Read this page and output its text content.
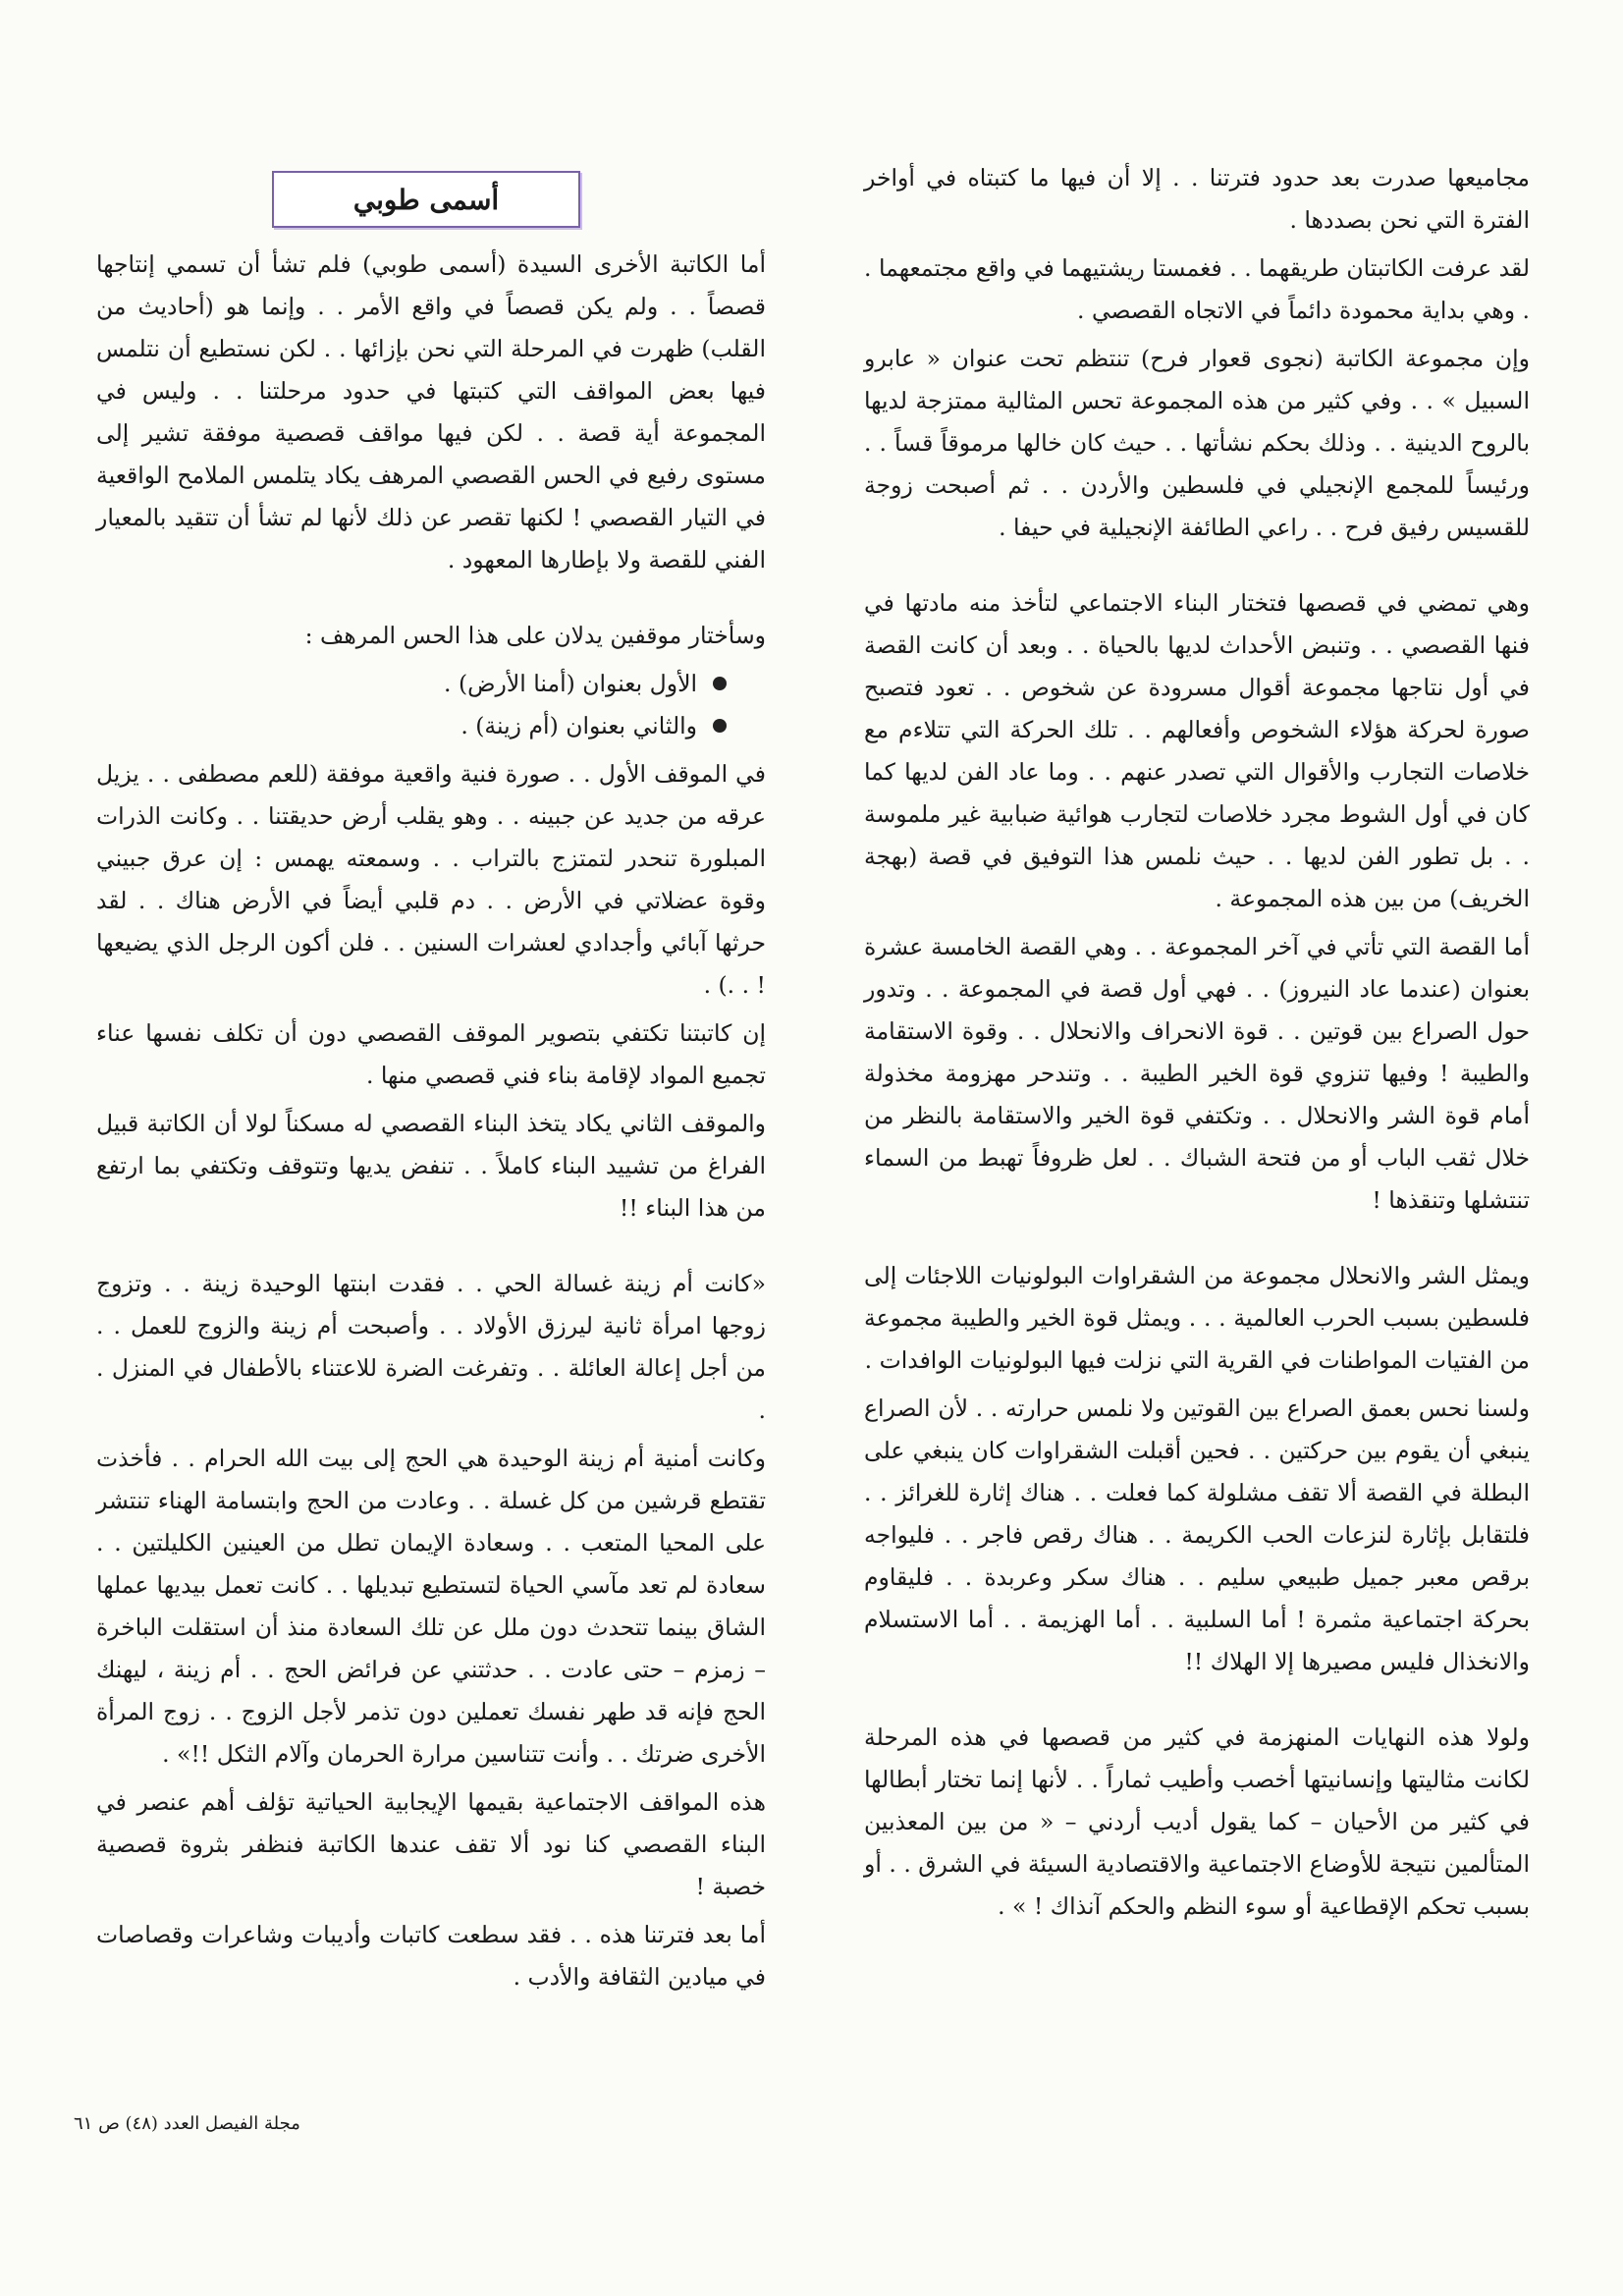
مجاميعها صدرت بعد حدود فترتنا . . إلا أن فيها ما كتبتاه في أواخر الفترة التي نحن بصددها .

لقد عرفت الكاتبتان طريقهما . . فغمستا ريشتيهما في واقع مجتمعهما . . وهي بداية محمودة دائماً في الاتجاه القصصي .

وإن مجموعة الكاتبة (نجوى قعوار فرح) تنتظم تحت عنوان « عابرو السبيل » . . وفي كثير من هذه المجموعة تحس المثالية ممتزجة لديها بالروح الدينية . . وذلك بحكم نشأتها . . حيث كان خالها مرموقاً قساً . . ورئيساً للمجمع الإنجيلي في فلسطين والأردن . . ثم أصبحت زوجة للقسيس رفيق فرح . . راعي الطائفة الإنجيلية في حيفا .

وهي تمضي في قصصها فتختار البناء الاجتماعي لتأخذ منه مادتها في فنها القصصي . . وتنبض الأحداث لديها بالحياة . . وبعد أن كانت القصة في أول نتاجها مجموعة أقوال مسرودة عن شخوص . . تعود فتصبح صورة لحركة هؤلاء الشخوص وأفعالهم . . تلك الحركة التي تتلاءم مع خلاصات التجارب والأقوال التي تصدر عنهم . . وما عاد الفن لديها كما كان في أول الشوط مجرد خلاصات لتجارب هوائية ضبابية غير ملموسة . . بل تطور الفن لديها . . حيث نلمس هذا التوفيق في قصة (بهجة الخريف) من بين هذه المجموعة .

أما القصة التي تأتي في آخر المجموعة . . وهي القصة الخامسة عشرة بعنوان (عندما عاد النيروز) . . فهي أول قصة في المجموعة . . وتدور حول الصراع بين قوتين . . قوة الانحراف والانحلال . . وقوة الاستقامة والطيبة ! وفيها تنزوي قوة الخير الطيبة . . وتندحر مهزومة مخذولة أمام قوة الشر والانحلال . . وتكتفي قوة الخير والاستقامة بالنظر من خلال ثقب الباب أو من فتحة الشباك . . لعل ظروفاً تهبط من السماء تنتشلها وتنقذها !

ويمثل الشر والانحلال مجموعة من الشقراوات البولونيات اللاجئات إلى فلسطين بسبب الحرب العالمية . . . ويمثل قوة الخير والطيبة مجموعة من الفتيات المواطنات في القرية التي نزلت فيها البولونيات الوافدات .

ولسنا نحس بعمق الصراع بين القوتين ولا نلمس حرارته . . لأن الصراع ينبغي أن يقوم بين حركتين . . فحين أقبلت الشقراوات كان ينبغي على البطلة في القصة ألا تقف مشلولة كما فعلت . . هناك إثارة للغرائز . . فلتقابل بإثارة لنزعات الحب الكريمة . . هناك رقص فاجر . . فليواجه برقص معبر جميل طبيعي سليم . . هناك سكر وعربدة . . فليقاوم بحركة اجتماعية مثمرة ! أما السلبية . . أما الهزيمة . . أما الاستسلام والانخذال فليس مصيرها إلا الهلاك !!

ولولا هذه النهايات المنهزمة في كثير من قصصها في هذه المرحلة لكانت مثاليتها وإنسانيتها أخصب وأطيب ثماراً . . لأنها إنما تختار أبطالها في كثير من الأحيان – كما يقول أديب أردني – « من بين المعذبين المتألمين نتيجة للأوضاع الاجتماعية والاقتصادية السيئة في الشرق . . أو بسبب تحكم الإقطاعية أو سوء النظم والحكم آنذاك ! » .

أسمى طوبي

أما الكاتبة الأخرى السيدة (أسمى طوبي) فلم تشأ أن تسمي إنتاجها قصصاً . . ولم يكن قصصاً في واقع الأمر . . وإنما هو (أحاديث من القلب) ظهرت في المرحلة التي نحن بإزائها . . لكن نستطيع أن نتلمس فيها بعض المواقف التي كتبتها في حدود مرحلتنا . . وليس في المجموعة أية قصة . . لكن فيها مواقف قصصية موفقة تشير إلى مستوى رفيع في الحس القصصي المرهف يكاد يتلمس الملامح الواقعية في التيار القصصي ! لكنها تقصر عن ذلك لأنها لم تشأ أن تتقيد بالمعيار الفني للقصة ولا بإطارها المعهود .

وسأختار موقفين يدلان على هذا الحس المرهف :

الأول بعنوان (أمنا الأرض) .
والثاني بعنوان (أم زينة) .

في الموقف الأول . . صورة فنية واقعية موفقة (للعم مصطفى . . يزيل عرقه من جديد عن جبينه . . وهو يقلب أرض حديقتنا . . وكانت الذرات المبلورة تنحدر لتمتزج بالتراب . . وسمعته يهمس : إن عرق جبيني وقوة عضلاتي في الأرض . . دم قلبي أيضاً في الأرض هناك . . لقد حرثها آبائي وأجدادي لعشرات السنين . . فلن أكون الرجل الذي يضيعها ! . .) .

إن كاتبتنا تكتفي بتصوير الموقف القصصي دون أن تكلف نفسها عناء تجميع المواد لإقامة بناء فني قصصي منها .

والموقف الثاني يكاد يتخذ البناء القصصي له مسكناً لولا أن الكاتبة قبيل الفراغ من تشييد البناء كاملاً . . تنفض يديها وتتوقف وتكتفي بما ارتفع من هذا البناء !!

«كانت أم زينة غسالة الحي . . فقدت ابنتها الوحيدة زينة . . وتزوج زوجها امرأة ثانية ليرزق الأولاد . . وأصبحت أم زينة والزوج للعمل . . من أجل إعالة العائلة . . وتفرغت الضرة للاعتناء بالأطفال في المنزل . .

وكانت أمنية أم زينة الوحيدة هي الحج إلى بيت الله الحرام . . فأخذت تقتطع قرشين من كل غسلة . . وعادت من الحج وابتسامة الهناء تنتشر على المحيا المتعب . . وسعادة الإيمان تطل من العينين الكليلتين . . سعادة لم تعد مآسي الحياة لتستطيع تبديلها . . كانت تعمل بيديها عملها الشاق بينما تتحدث دون ملل عن تلك السعادة منذ أن استقلت الباخرة – زمزم – حتى عادت . . حدثتني عن فرائض الحج . . أم زينة ، ليهنك الحج فإنه قد طهر نفسك تعملين دون تذمر لأجل الزوج . . زوج المرأة الأخرى ضرتك . . وأنت تتناسين مرارة الحرمان وآلام الثكل !!» .

هذه المواقف الاجتماعية بقيمها الإيجابية الحياتية تؤلف أهم عنصر في البناء القصصي كنا نود ألا تقف عندها الكاتبة فنظفر بثروة قصصية خصبة !

أما بعد فترتنا هذه . . فقد سطعت كاتبات وأديبات وشاعرات وقصاصات في ميادين الثقافة والأدب .

مجلة الفيصل العدد (٤٨) ص ٦١
